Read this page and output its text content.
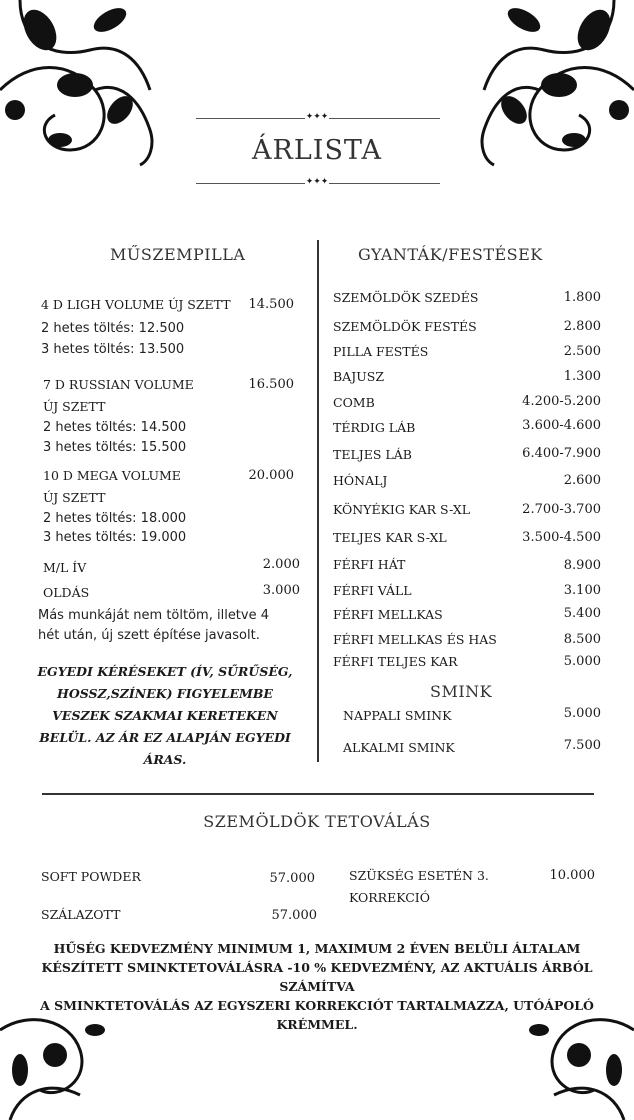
✦✦✦
ÁRLISTA
✦✦✦
MŰSZEMPILLA
4 D LIGH VOLUME ÚJ SZETT	14.500
2 hetes töltés: 12.500
3 hetes töltés: 13.500
7 D RUSSIAN VOLUME	16.500
ÚJ SZETT
2 hetes töltés: 14.500
3 hetes töltés: 15.500
10 D MEGA VOLUME	20.000
ÚJ SZETT
2 hetes töltés: 18.000
3 hetes töltés: 19.000
M/L ÍV	2.000
OLDÁS	3.000
Más munkáját nem töltöm, illetve 4
hét után, új szett építése javasolt.
EGYEDI KÉRÉSEKET (ÍV, SŰRŰSÉG,
HOSSZ,SZÍNEK) FIGYELEMBE
VESZEK SZAKMAI KERETEKEN
BELÜL. AZ ÁR EZ ALAPJÁN EGYEDI
ÁRAS.
GYANTÁK/FESTÉSEK
SZEMÖLDÖK SZEDÉS	1.800
SZEMÖLDÖK FESTÉS	2.800
PILLA FESTÉS	2.500
BAJUSZ	1.300
COMB	4.200-5.200
TÉRDIG LÁB	3.600-4.600
TELJES LÁB	6.400-7.900
HÓNALJ	2.600
KÖNYÉKIG KAR S-XL	2.700-3.700
TELJES KAR S-XL	3.500-4.500
FÉRFI HÁT	8.900
FÉRFI VÁLL	3.100
FÉRFI MELLKAS	5.400
FÉRFI MELLKAS ÉS HAS	8.500
FÉRFI TELJES KAR	5.000
SMINK
NAPPALI SMINK	5.000
ALKALMI SMINK	7.500
SZEMÖLDÖK TETOVÁLÁS
SOFT POWDER	57.000
SZÁLAZOTT	57.000
SZÜKSÉG ESETÉN 3.
KORREKCIÓ
10.000
HŰSÉG KEDVEZMÉNY MINIMUM 1, MAXIMUM 2 ÉVEN BELÜLI ÁLTALAM
KÉSZÍTETT SMINKTETOVÁLÁSRA -10 % KEDVEZMÉNY, AZ AKTUÁLIS ÁRBÓL
SZÁMÍTVA
A SMINKTETOVÁLÁS AZ EGYSZERI KORREKCIÓT TARTALMAZZA, UTÓÁPOLÓ
KRÉMMEL.
